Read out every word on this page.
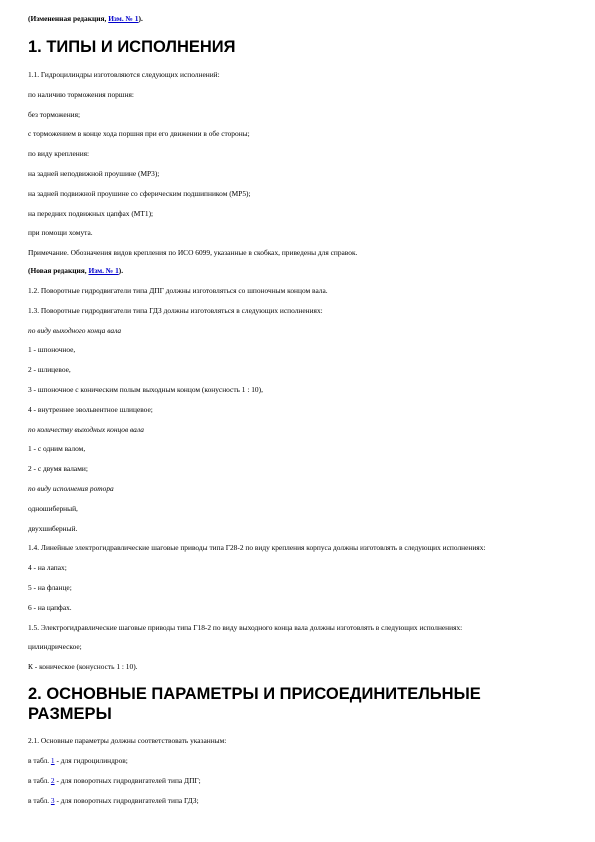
(Измененная редакция, Изм. № 1).

1. ТИПЫ И ИСПОЛНЕНИЯ

1.1. Гидроцилиндры изготовляются следующих исполнений:

по наличию торможения поршня:

без торможения;

с торможением в конце хода поршня при его движении в обе стороны;

по виду крепления:

на задней неподвижной проушине (МР3);

на задней подвижной проушине со сферическим подшипником (МР5);

на передних подвижных цапфах (МТ1);

при помощи хомута.

Примечание. Обозначения видов крепления по ИСО 6099, указанные в скобках, приведены для справок.

(Новая редакция, Изм. № 1).

1.2. Поворотные гидродвигатели типа ДПГ должны изготовляться со шпоночным концом вала.

1.3. Поворотные гидродвигатели типа ГДЗ должны изготовляться в следующих исполнениях:

по виду выходного конца вала

1 - шпоночное,

2 - шлицевое,

3 - шпоночное с коническим полым выходным концом (конусность 1 : 10),

4 - внутреннее эвольвентное шлицевое;

по количеству выходных концов вала

1 - с одним валом,

2 - с двумя валами;

по виду исполнения ротора

одношиберный,

двухшиберный.

1.4. Линейные электрогидравлические шаговые приводы типа Г28-2 по виду крепления корпуса должны изготовлять в следующих исполнениях:

4 - на лапах;

5 - на фланце;

6 - на цапфах.

1.5. Электрогидравлические шаговые приводы типа Г18-2 по виду выходного конца вала должны изготовлять в следующих исполнениях:

цилиндрическое;

К - коническое (конусность 1 : 10).

2. ОСНОВНЫЕ ПАРАМЕТРЫ И ПРИСОЕДИНИТЕЛЬНЫЕ РАЗМЕРЫ

2.1. Основные параметры должны соответствовать указанным:

в табл. 1 - для гидроцилиндров;

в табл. 2 - для поворотных гидродвигателей типа ДПГ;

в табл. 3 - для поворотных гидродвигателей типа ГДЗ;
